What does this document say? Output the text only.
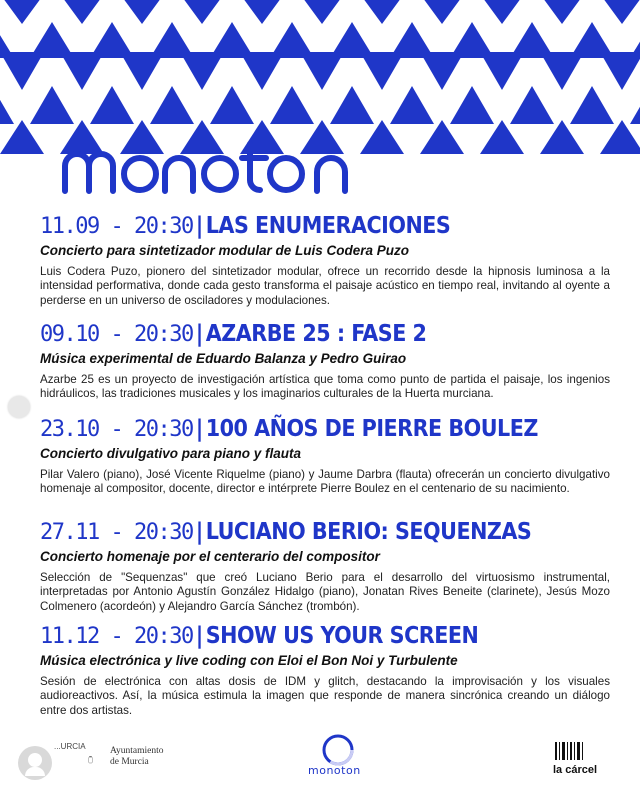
11.09 - 20:30 | LAS ENUMERACIONES
Concierto para sintetizador modular de Luis Codera Puzo
Luis Codera Puzo, pionero del sintetizador modular, ofrece un recorrido desde la hipnosis luminosa a la intensidad performativa, donde cada gesto transforma el paisaje acústico en tiempo real, invitando al oyente a perderse en un universo de osciladores y modulaciones.
09.10 - 20:30 | AZARBE 25 : FASE 2
Música experimental de Eduardo Balanza y Pedro Guirao
Azarbe 25 es un proyecto de investigación artística que toma como punto de partida el paisaje, los ingenios hidráulicos, las tradiciones musicales y los imaginarios culturales de la Huerta murciana.
23.10 - 20:30 | 100 AÑOS DE PIERRE BOULEZ
Concierto divulgativo para piano y flauta
Pilar Valero (piano), José Vicente Riquelme (piano) y Jaume Darbra (flauta) ofrecerán un concierto divulgativo homenaje al compositor, docente, director e intérprete Pierre Boulez en el centenario de su nacimiento.
27.11 - 20:30 | LUCIANO BERIO: SEQUENZAS
Concierto homenaje por el centerario del compositor
Selección de "Sequenzas" que creó Luciano Berio para el desarrollo del virtuosismo instrumental, interpretadas por Antonio Agustín González Hidalgo (piano), Jonatan Rives Beneite (clarinete), Jesús Mozo Colmenero (acordeón) y Alejandro García Sánchez (trombón).
11.12 - 20:30 | SHOW US YOUR SCREEN
Música electrónica y live coding con Eloi el Bon Noi y Turbulente
Sesión de electrónica con altas dosis de IDM y glitch, destacando la improvisación y los visuales audioreactivos. Así, la música estimula la imagen que responde de manera sincrónica creando un diálogo entre dos artistas.
...URCIA	Ayuntamiento
de Murcia
monoton	la cárcel
